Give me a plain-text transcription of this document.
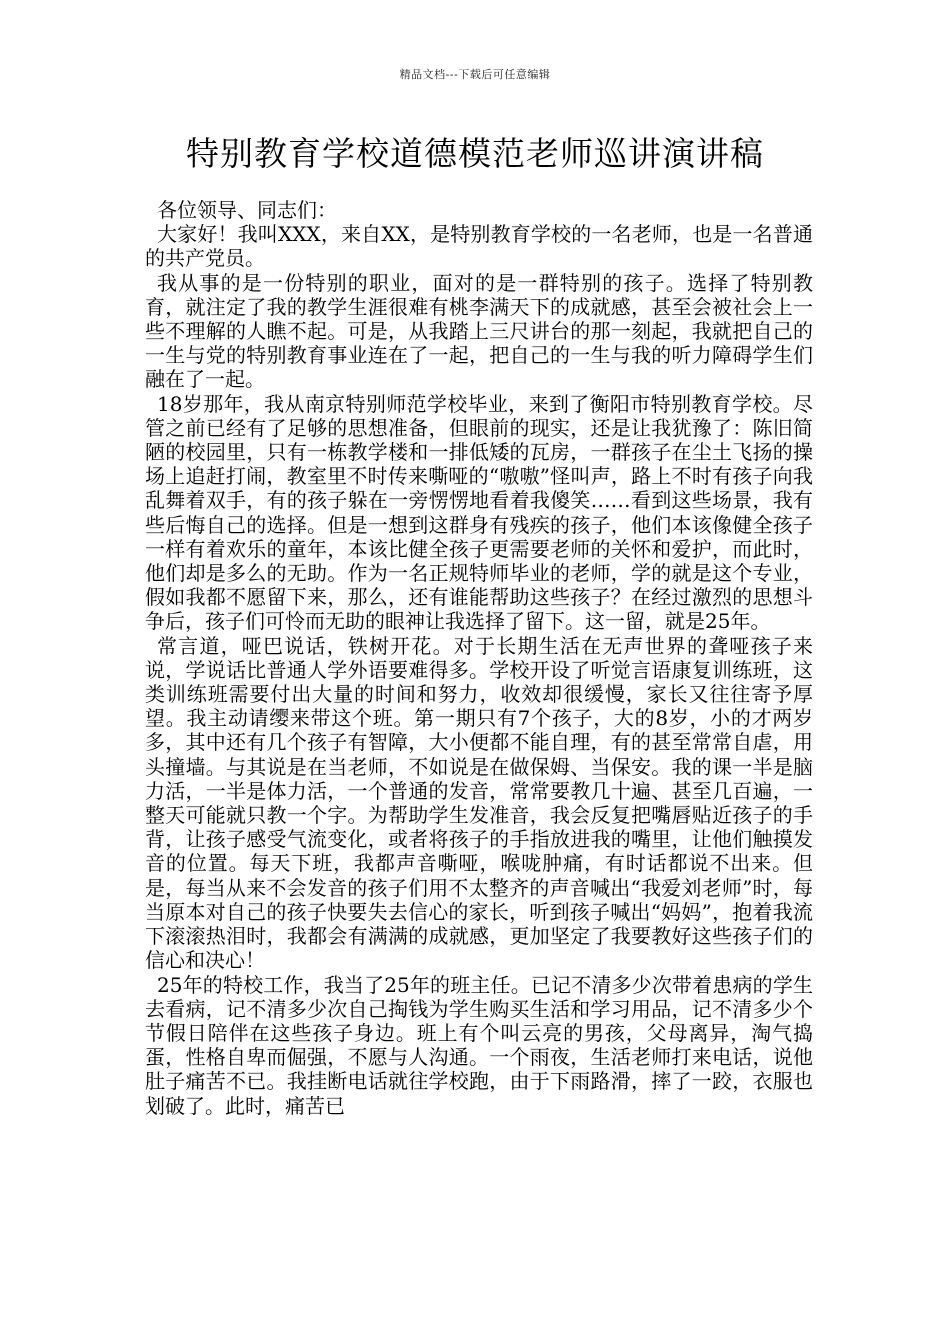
精品文档---下载后可任意编辑
特别教育学校道德模范老师巡讲演讲稿

各位领导、同志们：

大家好！我叫XXX，来自XX，是特别教育学校的一名老师，也是一名普通的共产党员。

我从事的是一份特别的职业，面对的是一群特别的孩子。选择了特别教育，就注定了我的教学生涯很难有桃李满天下的成就感，甚至会被社会上一些不理解的人瞧不起。可是，从我踏上三尺讲台的那一刻起，我就把自己的一生与党的特别教育事业连在了一起，把自己的一生与我的听力障碍学生们融在了一起。

18岁那年，我从南京特别师范学校毕业，来到了衡阳市特别教育学校。尽管之前已经有了足够的思想准备，但眼前的现实，还是让我犹豫了：陈旧简陋的校园里，只有一栋教学楼和一排低矮的瓦房，一群孩子在尘土飞扬的操场上追赶打闹，教室里不时传来嘶哑的“嗷嗷”怪叫声，路上不时有孩子向我乱舞着双手，有的孩子躲在一旁愣愣地看着我傻笑……看到这些场景，我有些后悔自己的选择。但是一想到这群身有残疾的孩子，他们本该像健全孩子一样有着欢乐的童年，本该比健全孩子更需要老师的关怀和爱护，而此时，他们却是多么的无助。作为一名正规特师毕业的老师，学的就是这个专业，假如我都不愿留下来，那么，还有谁能帮助这些孩子？在经过激烈的思想斗争后，孩子们可怜而无助的眼神让我选择了留下。这一留，就是25年。

常言道，哑巴说话，铁树开花。对于长期生活在无声世界的聋哑孩子来说，学说话比普通人学外语要难得多。学校开设了听觉言语康复训练班，这类训练班需要付出大量的时间和努力，收效却很缓慢，家长又往往寄予厚望。我主动请缨来带这个班。第一期只有7个孩子，大的8岁，小的才两岁多，其中还有几个孩子有智障，大小便都不能自理，有的甚至常常自虐，用头撞墙。与其说是在当老师，不如说是在做保姆、当保安。我的课一半是脑力活，一半是体力活，一个普通的发音，常常要教几十遍、甚至几百遍，一整天可能就只教一个字。为帮助学生发准音，我会反复把嘴唇贴近孩子的手背，让孩子感受气流变化，或者将孩子的手指放进我的嘴里，让他们触摸发音的位置。每天下班，我都声音嘶哑，喉咙肿痛，有时话都说不出来。但是，每当从来不会发音的孩子们用不太整齐的声音喊出“我爱刘老师”时，每当原本对自己的孩子快要失去信心的家长，听到孩子喊出“妈妈”，抱着我流下滚滚热泪时，我都会有满满的成就感，更加坚定了我要教好这些孩子们的信心和决心！

25年的特校工作，我当了25年的班主任。已记不清多少次带着患病的学生去看病，记不清多少次自己掏钱为学生购买生活和学习用品，记不清多少个节假日陪伴在这些孩子身边。班上有个叫云亮的男孩，父母离异，淘气捣蛋，性格自卑而倔强，不愿与人沟通。一个雨夜，生活老师打来电话，说他肚子痛苦不已。我挂断电话就往学校跑，由于下雨路滑，摔了一跤，衣服也划破了。此时，痛苦已
